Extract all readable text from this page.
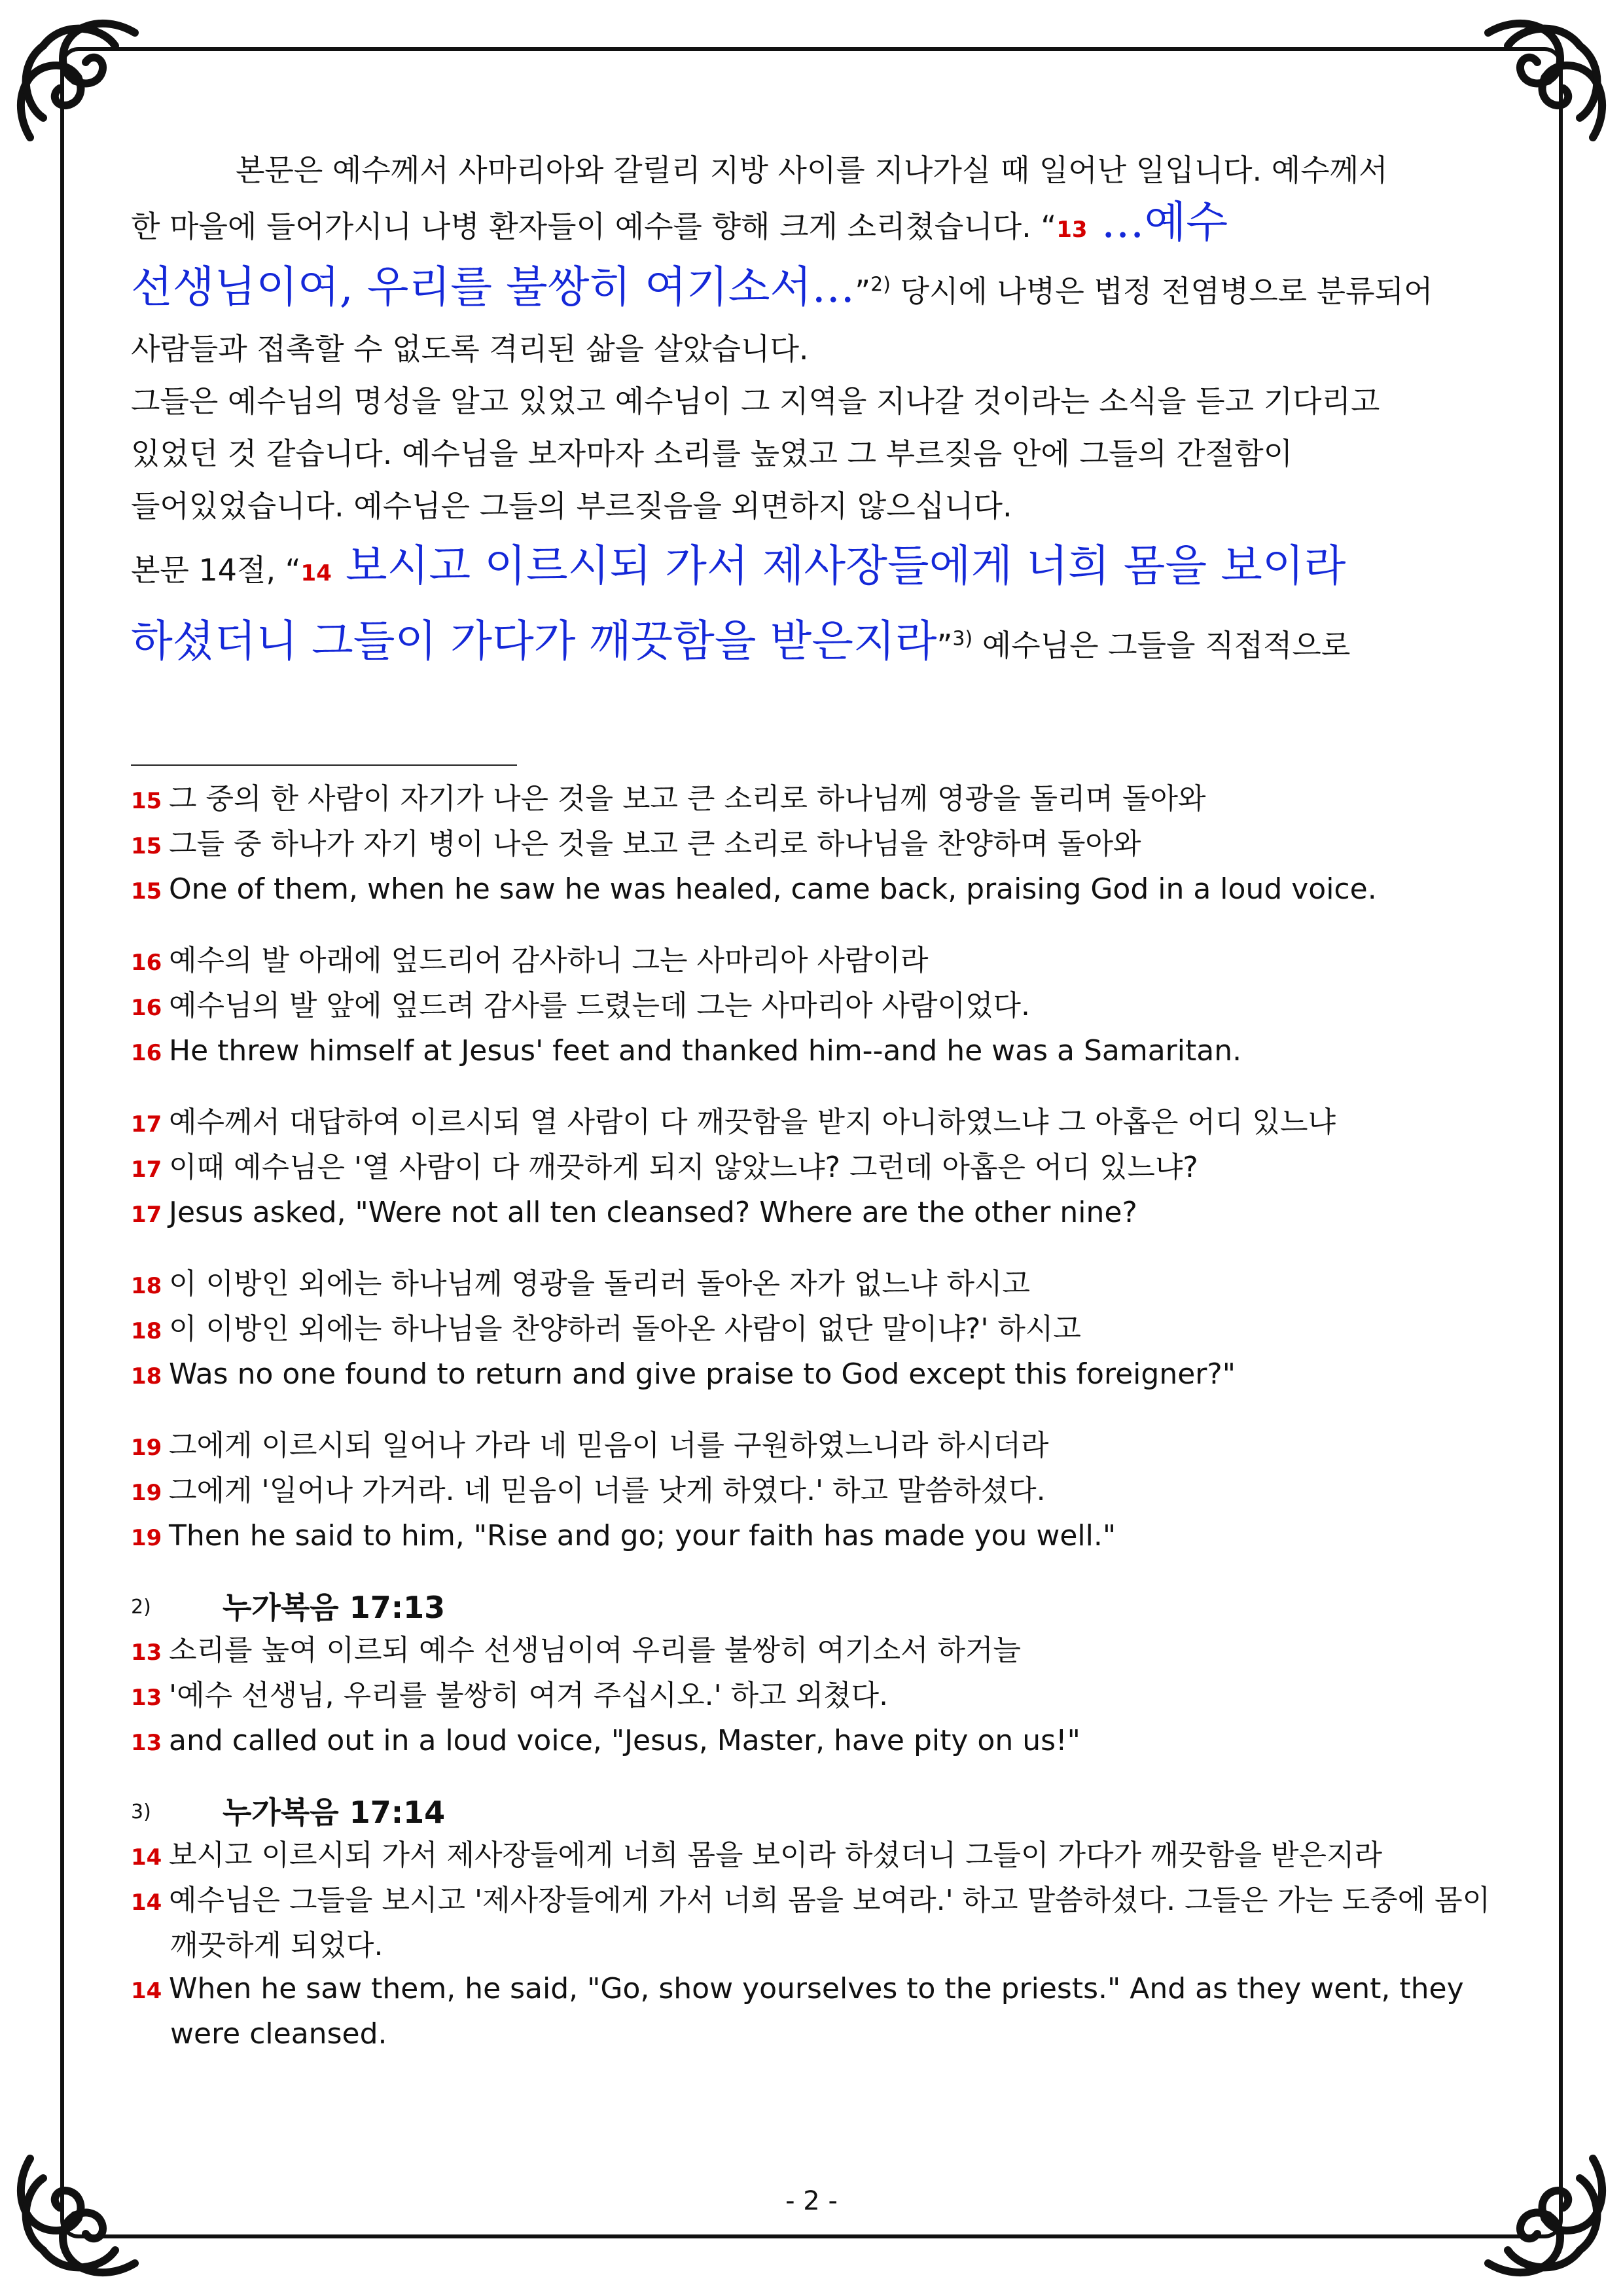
본문은 예수께서 사마리아와 갈릴리 지방 사이를 지나가실 때 일어난 일입니다. 예수께서

한 마을에 들어가시니 나병 환자들이 예수를 향해 크게 소리쳤습니다. “13 …예수

선생님이여, 우리를 불쌍히 여기소서…”$^{2)}$ 당시에 나병은 법정 전염병으로 분류되어

사람들과 접촉할 수 없도록 격리된 삶을 살았습니다.

그들은 예수님의 명성을 알고 있었고 예수님이 그 지역을 지나갈 것이라는 소식을 듣고 기다리고

있었던 것 같습니다. 예수님을 보자마자 소리를 높였고 그 부르짖음 안에 그들의 간절함이

들어있었습니다. 예수님은 그들의 부르짖음을 외면하지 않으십니다.

본문 14절, “14 보시고 이르시되 가서 제사장들에게 너희 몸을 보이라

하셨더니 그들이 가다가 깨끗함을 받은지라”$^{3)}$ 예수님은 그들을 직접적으로

15 그 중의 한 사람이 자기가 나은 것을 보고 큰 소리로 하나님께 영광을 돌리며 돌아와

15 그들 중 하나가 자기 병이 나은 것을 보고 큰 소리로 하나님을 찬양하며 돌아와

15 One of them, when he saw he was healed, came back, praising God in a loud voice.

16 예수의 발 아래에 엎드리어 감사하니 그는 사마리아 사람이라

16 예수님의 발 앞에 엎드려 감사를 드렸는데 그는 사마리아 사람이었다.

16 He threw himself at Jesus' feet and thanked him--and he was a Samaritan.

17 예수께서 대답하여 이르시되 열 사람이 다 깨끗함을 받지 아니하였느냐 그 아홉은 어디 있느냐

17 이때 예수님은 '열 사람이 다 깨끗하게 되지 않았느냐? 그런데 아홉은 어디 있느냐?

17 Jesus asked, "Were not all ten cleansed? Where are the other nine?

18 이 이방인 외에는 하나님께 영광을 돌리러 돌아온 자가 없느냐 하시고

18 이 이방인 외에는 하나님을 찬양하러 돌아온 사람이 없단 말이냐?' 하시고

18 Was no one found to return and give praise to God except this foreigner?"

19 그에게 이르시되 일어나 가라 네 믿음이 너를 구원하였느니라 하시더라

19 그에게 '일어나 가거라. 네 믿음이 너를 낫게 하였다.' 하고 말씀하셨다.

19 Then he said to him, "Rise and go; your faith has made you well."

2) 누가복음 17:13

13 소리를 높여 이르되 예수 선생님이여 우리를 불쌍히 여기소서 하거늘

13 '예수 선생님, 우리를 불쌍히 여겨 주십시오.' 하고 외쳤다.

13 and called out in a loud voice, "Jesus, Master, have pity on us!"

3) 누가복음 17:14

14 보시고 이르시되 가서 제사장들에게 너희 몸을 보이라 하셨더니 그들이 가다가 깨끗함을 받은지라

14 예수님은 그들을 보시고 '제사장들에게 가서 너희 몸을 보여라.' 하고 말씀하셨다. 그들은 가는 도중에 몸이 깨끗하게 되었다.

14 When he saw them, he said, "Go, show yourselves to the priests." And as they went, they were cleansed.

- 2 -
